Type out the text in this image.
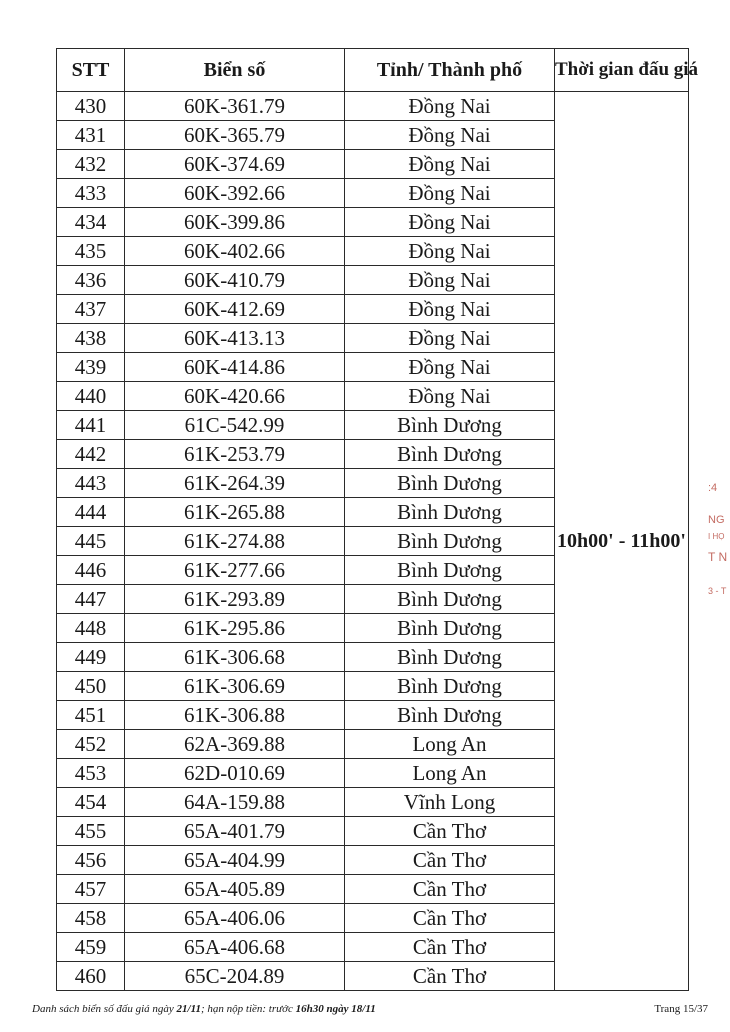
STT	Biển số	Tỉnh/ Thành phố	Thời gian đấu giá
430	60K-361.79	Đồng Nai	10h00' - 11h00'
431	60K-365.79	Đồng Nai	
432	60K-374.69	Đồng Nai	
433	60K-392.66	Đồng Nai	
434	60K-399.86	Đồng Nai	
435	60K-402.66	Đồng Nai	
436	60K-410.79	Đồng Nai	
437	60K-412.69	Đồng Nai	
438	60K-413.13	Đồng Nai	
439	60K-414.86	Đồng Nai	
440	60K-420.66	Đồng Nai	
441	61C-542.99	Bình Dương	
442	61K-253.79	Bình Dương	
443	61K-264.39	Bình Dương	
444	61K-265.88	Bình Dương	
445	61K-274.88	Bình Dương	
446	61K-277.66	Bình Dương	
447	61K-293.89	Bình Dương	
448	61K-295.86	Bình Dương	
449	61K-306.68	Bình Dương	
450	61K-306.69	Bình Dương	
451	61K-306.88	Bình Dương	
452	62A-369.88	Long An	
453	62D-010.69	Long An	
454	64A-159.88	Vĩnh Long	
455	65A-401.79	Cần Thơ	
456	65A-404.99	Cần Thơ	
457	65A-405.89	Cần Thơ	
458	65A-406.06	Cần Thơ	
459	65A-406.68	Cần Thơ	
460	65C-204.89	Cần Thơ	
Danh sách biển số đấu giá ngày 21/11; hạn nộp tiền: trước 16h30 ngày 18/11	Trang 15/37
:4
NG
I HỌ
T N
3 - T
